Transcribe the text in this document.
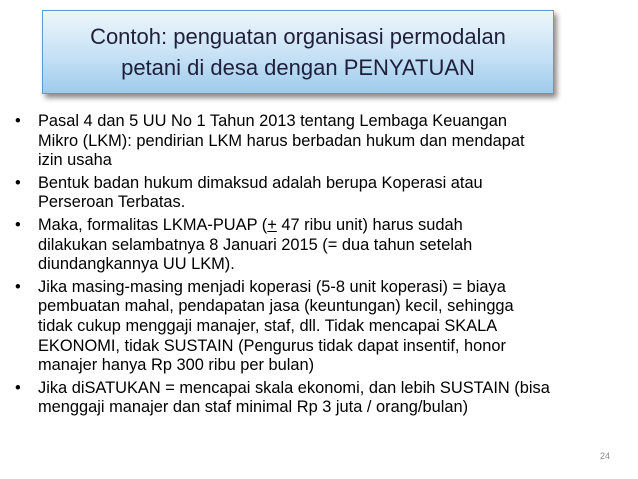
Contoh: penguatan organisasi permodalan
petani di desa dengan PENYATUAN
• Pasal 4 dan 5 UU No 1 Tahun 2013 tentang Lembaga Keuangan
Mikro (LKM): pendirian LKM harus berbadan hukum dan mendapat
izin usaha
• Bentuk badan hukum dimaksud adalah berupa Koperasi atau
Perseroan Terbatas.
• Maka, formalitas LKMA-PUAP (+ 47 ribu unit) harus sudah
dilakukan selambatnya 8 Januari 2015 (= dua tahun setelah
diundangkannya UU LKM).
• Jika masing-masing menjadi koperasi (5-8 unit koperasi) = biaya
pembuatan mahal, pendapatan jasa (keuntungan) kecil, sehingga
tidak cukup menggaji manajer, staf, dll. Tidak mencapai SKALA
EKONOMI, tidak SUSTAIN (Pengurus tidak dapat insentif, honor
manajer hanya Rp 300 ribu per bulan)
• Jika diSATUKAN = mencapai skala ekonomi, dan lebih SUSTAIN (bisa
menggaji manajer dan staf minimal Rp 3 juta / orang/bulan)
24
